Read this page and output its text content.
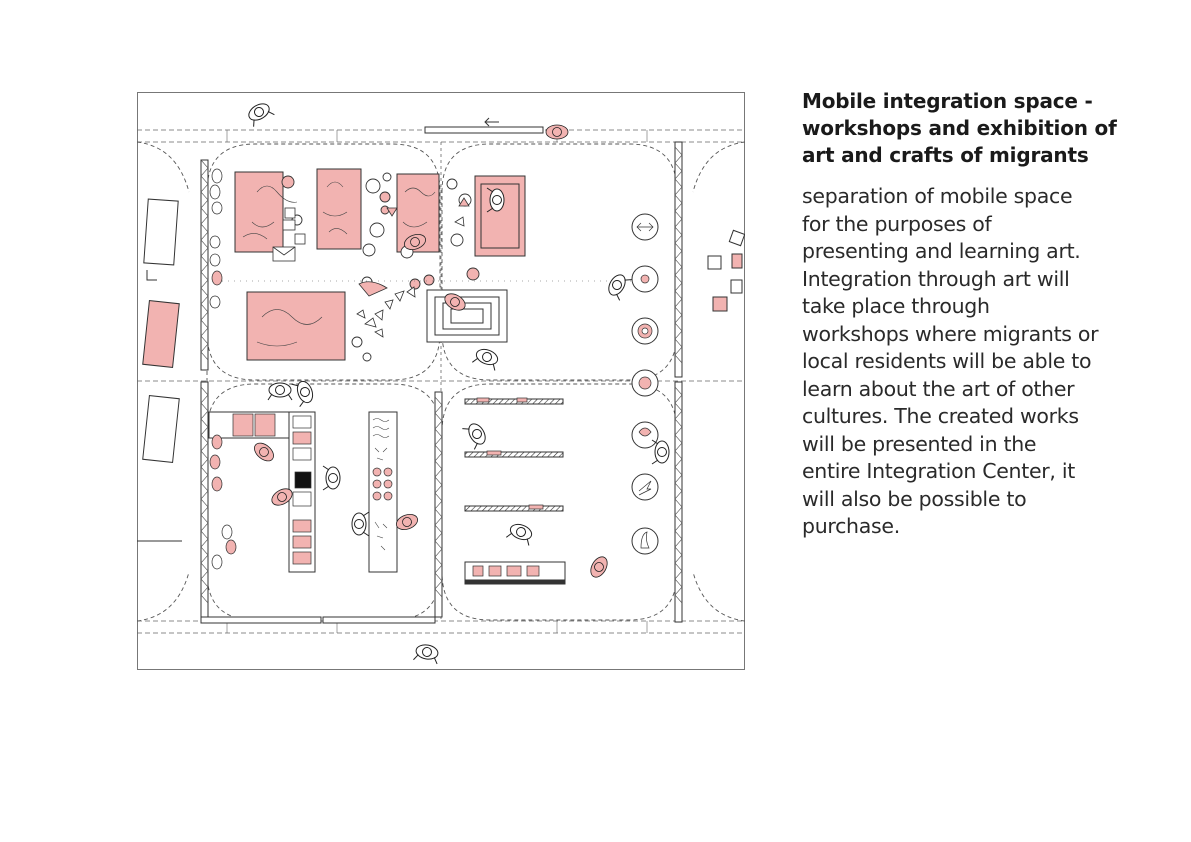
Mobile integration space -
workshops and exhibition of
art and crafts of migrants

separation of mobile space
for the purposes of
presenting and learning art.
Integration through art will
take place through
workshops where migrants or
local residents will be able to
learn about the art of other
cultures. The created works
will be presented in the
entire Integration Center, it
will also be possible to
purchase.
